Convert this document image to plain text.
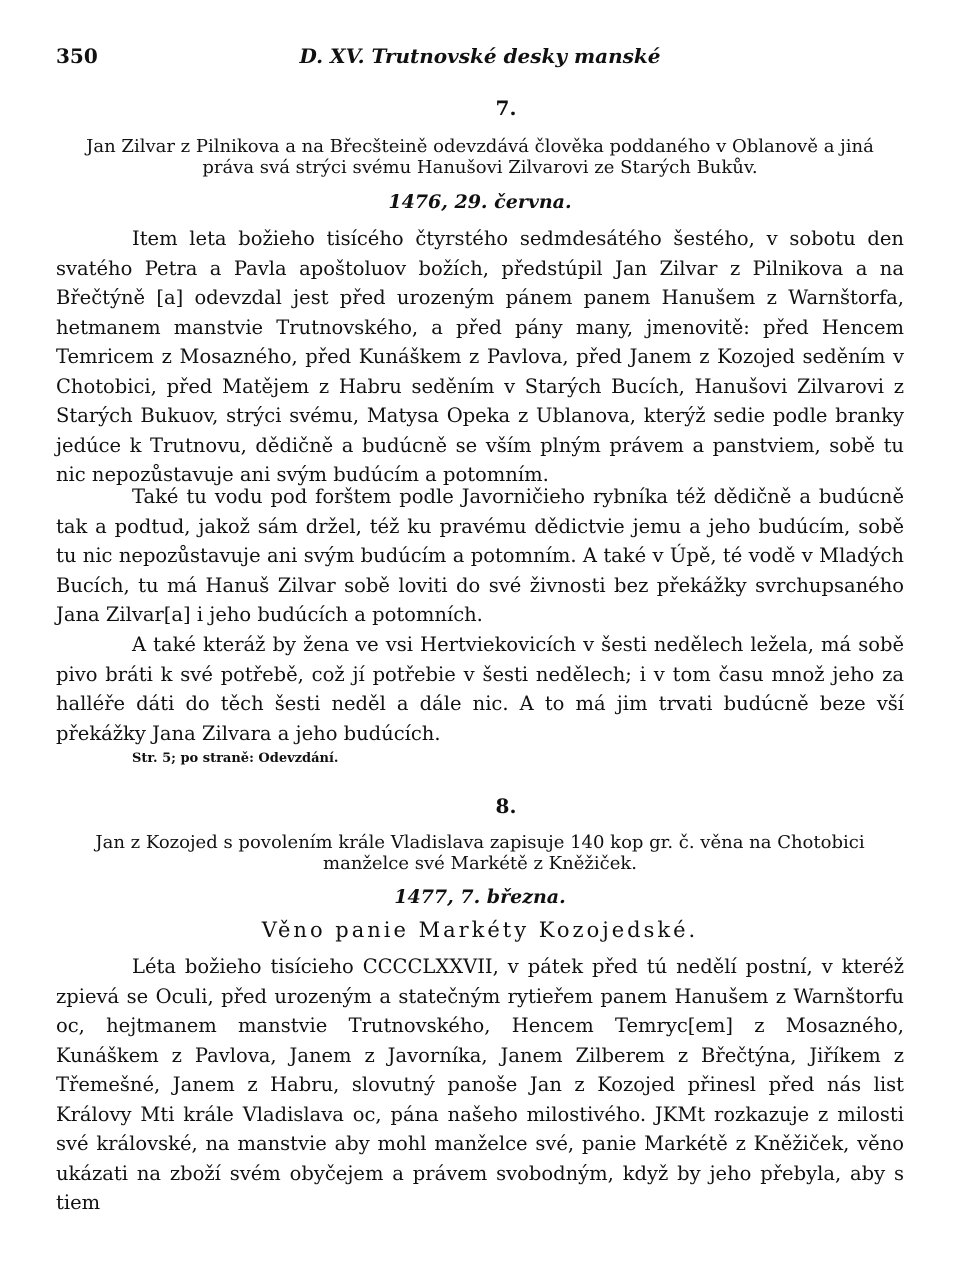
350	D. XV. Trutnovské desky manské
7.
Jan Zilvar z Pilnikova a na Břecšteině odevzdává člověka poddaného v Oblanově a jiná
práva svá strýci svému Hanušovi Zilvarovi ze Starých Bukův.
1476, 29. června.

Item leta božieho tisícého čtyrstého sedmdesátého šestého, v sobotu den svatého Petra a Pavla apoštoluov božích, předstúpil Jan Zilvar z Pilnikova a na Břečtýně [a] odevzdal jest před urozeným pánem panem Hanušem z Warnštorfa, hetmanem manstvie Trutnovského, a před pány many, jmenovitě: před Hencem Temricem z Mosazného, před Kunáškem z Pavlova, před Janem z Kozojed seděním v Chotobici, před Matějem z Habru seděním v Starých Bucích, Hanušovi Zilvarovi z Starých Bukuov, strýci svému, Matysa Opeka z Ublanova, kterýž sedie podle branky jedúce k Trutnovu, dědičně a budúcně se vším plným právem a panstviem, sobě tu nic nepozůstavuje ani svým budúcím a potomním.

Také tu vodu pod forštem podle Javorničieho rybníka též dědičně a budúcně tak a podtud, jakož sám držel, též ku pravému dědictvie jemu a jeho budúcím, sobě tu nic nepozůstavuje ani svým budúcím a potomním. A také v Úpě, té vodě v Mladých Bucích, tu má Hanuš Zilvar sobě loviti do své živnosti bez překážky svrchupsaného Jana Zilvar[a] i jeho budúcích a potomních.

A také kteráž by žena ve vsi Hertviekovicích v šesti nedělech ležela, má sobě pivo bráti k své potřebě, což jí potřebie v šesti nedělech; i v tom času množ jeho za halléře dáti do těch šesti neděl a dále nic. A to má jim trvati budúcně beze vší překážky Jana Zilvara a jeho budúcích.

Str. 5; po straně: Odevzdání.
8.
Jan z Kozojed s povolením krále Vladislava zapisuje 140 kop gr. č. věna na Chotobici
manželce své Markétě z Kněžiček.
1477, 7. března.
Věno panie Markéty Kozojedské.

Léta božieho tisícieho CCCCLXXVII, v pátek před tú nedělí postní, v kteréž zpievá se Oculi, před urozeným a statečným rytieřem panem Hanušem z Warnštorfu oc, hejtmanem manstvie Trutnovského, Hencem Temryc[em] z Mosazného, Kunáškem z Pavlova, Janem z Javorníka, Janem Zilberem z Břečtýna, Jiříkem z Třemešné, Janem z Habru, slovutný panoše Jan z Kozojed přinesl před nás list Královy Mti krále Vladislava oc, pána našeho milostivého. JKMt rozkazuje z milosti své královské, na manstvie aby mohl manželce své, panie Markétě z Kněžiček, věno ukázati na zboží svém obyčejem a právem svobodným, když by jeho přebyla, aby s tiem
